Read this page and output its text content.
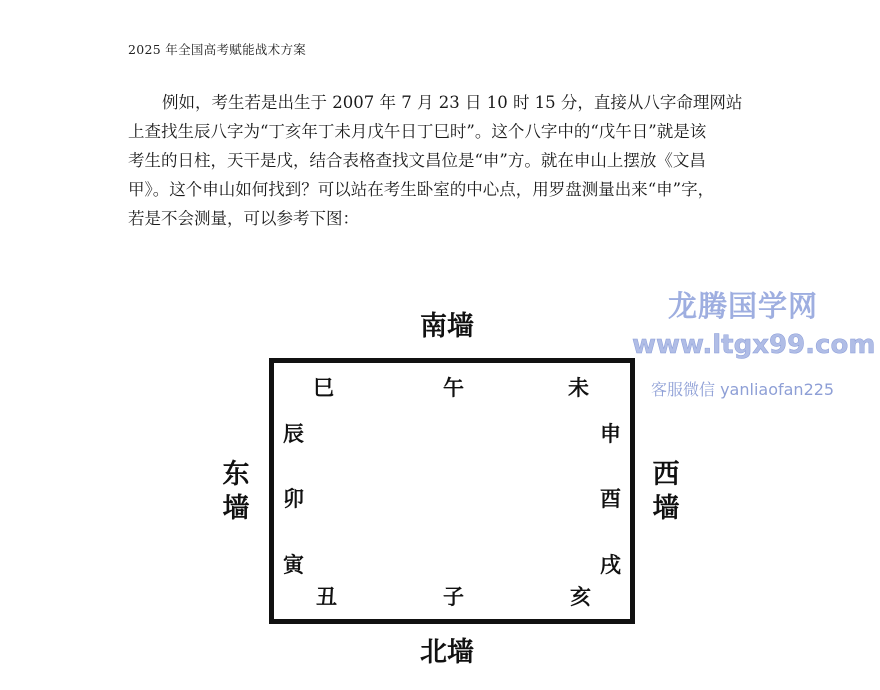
2025 年全国高考赋能战术方案
例如，考生若是出生于 2007 年 7 月 23 日 10 时 15 分，直接从八字命理网站
上查找生辰八字为“丁亥年丁未月戊午日丁巳时”。这个八字中的“戊午日”就是该
考生的日柱，天干是戊，结合表格查找文昌位是“申”方。就在申山上摆放《文昌
甲》。这个申山如何找到？可以站在考生卧室的中心点，用罗盘测量出来“申”字，
若是不会测量，可以参考下图：
南墙
北墙
东墙
西墙
巳	午	未
辰	申
卯	酉
寅	戌
丑	子	亥
龙腾国学网
www.ltgx99.com
客服微信 yanliaofan225
